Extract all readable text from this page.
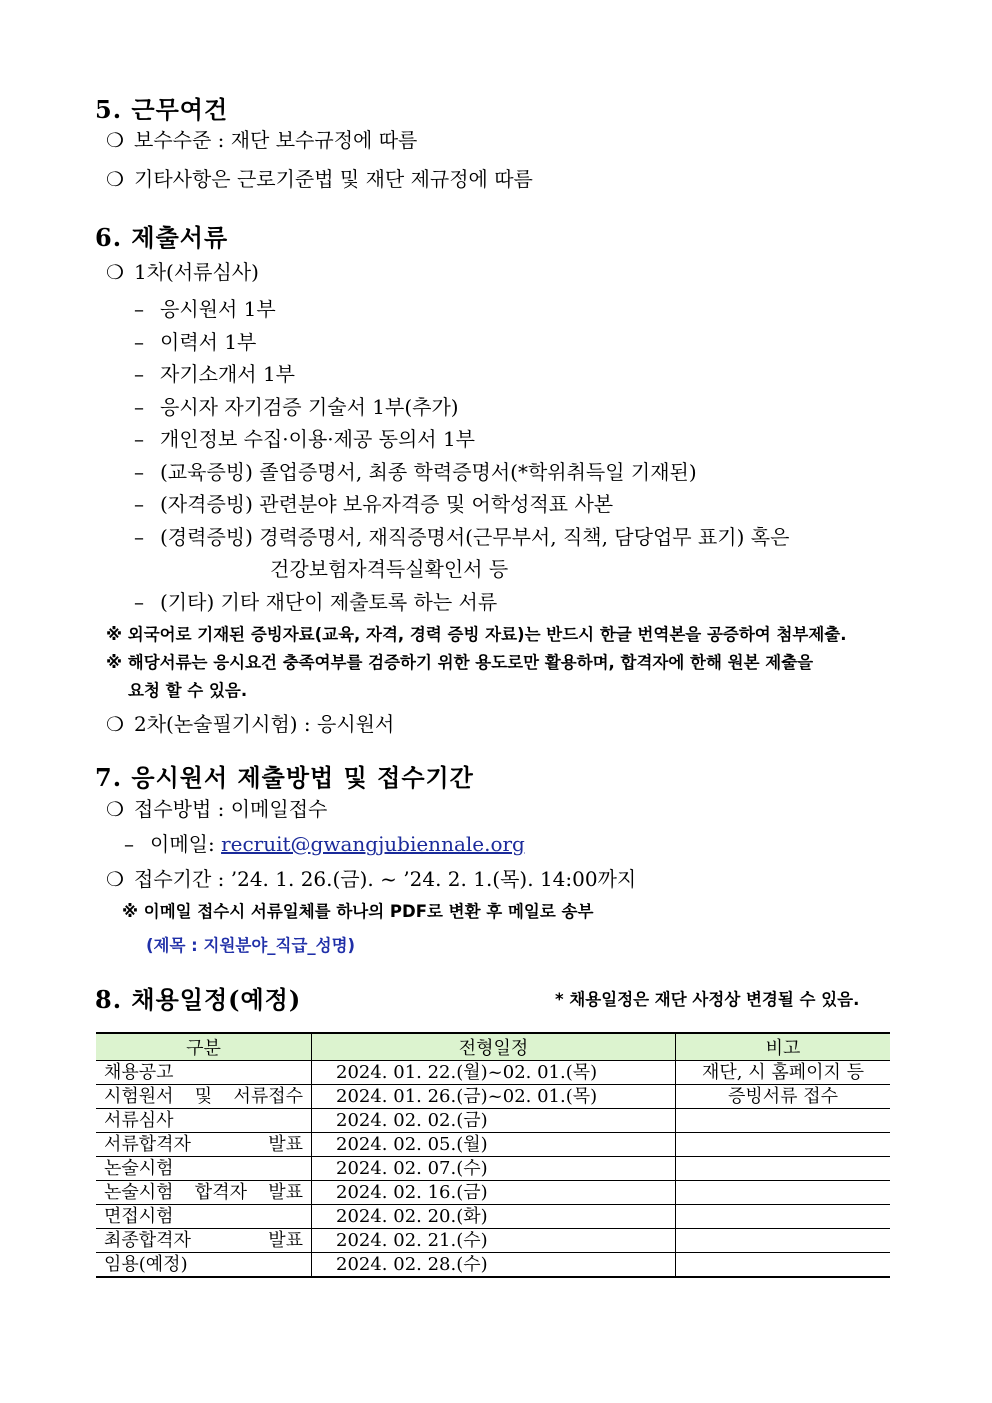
5. 근무여건
❍ 보수수준 : 재단 보수규정에 따름
❍ 기타사항은 근로기준법 및 재단 제규정에 따름
6. 제출서류
❍ 1차(서류심사)
– 응시원서 1부
– 이력서 1부
– 자기소개서 1부
– 응시자 자기검증 기술서 1부(추가)
– 개인정보 수집·이용·제공 동의서 1부
– (교육증빙) 졸업증명서, 최종 학력증명서(*학위취득일 기재된)
– (자격증빙) 관련분야 보유자격증 및 어학성적표 사본
– (경력증빙) 경력증명서, 재직증명서(근무부서, 직책, 담당업무 표기) 혹은
건강보험자격득실확인서 등
– (기타) 기타 재단이 제출토록 하는 서류
※ 외국어로 기재된 증빙자료(교육, 자격, 경력 증빙 자료)는 반드시 한글 번역본을 공증하여 첨부제출.
※ 해당서류는 응시요건 충족여부를 검증하기 위한 용도로만 활용하며, 합격자에 한해 원본 제출을
요청 할 수 있음.
❍ 2차(논술필기시험) : 응시원서
7. 응시원서 제출방법 및 접수기간
❍ 접수방법 : 이메일접수
– 이메일: recruit@gwangjubiennale.org
❍ 접수기간 : ’24. 1. 26.(금). ~ ’24. 2. 1.(목). 14:00까지
※ 이메일 접수시 서류일체를 하나의 PDF로 변환 후 메일로 송부
(제목 : 지원분야_직급_성명)
8. 채용일정(예정)	* 채용일정은 재단 사정상 변경될 수 있음.
구분	전형일정	비고
채용공고	2024. 01. 22.(월)~02. 01.(목)	재단, 시 홈페이지 등
시험원서 및 서류접수	2024. 01. 26.(금)~02. 01.(목)	증빙서류 접수
서류심사	2024. 02. 02.(금)	
서류합격자 발표	2024. 02. 05.(월)	
논술시험	2024. 02. 07.(수)	
논술시험 합격자 발표	2024. 02. 16.(금)	
면접시험	2024. 02. 20.(화)	
최종합격자 발표	2024. 02. 21.(수)	
임용(예정)	2024. 02. 28.(수)	
